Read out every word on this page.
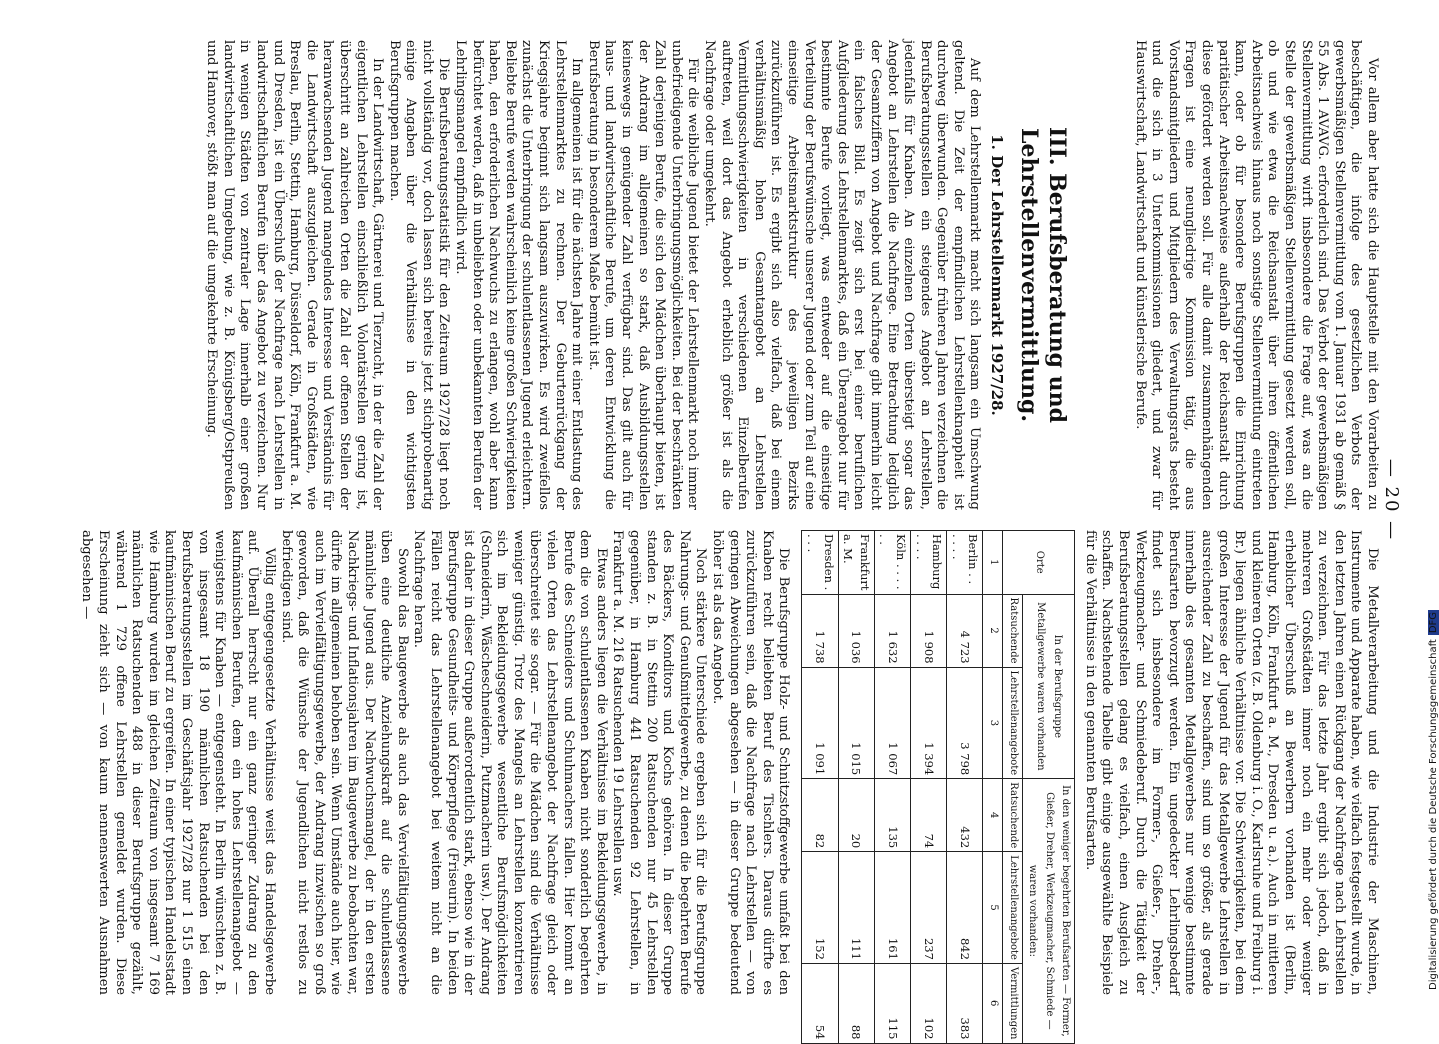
— 20 —

Vor allem aber hatte sich die Hauptstelle mit den Vorarbeiten zu beschäftigen, die infolge des gesetzlichen Verbots der gewerbsmäßigen Stellenvermittlung vom 1. Januar 1931 ab gemäß § 55 Abs. 1 AVAVG. erforderlich sind. Das Verbot der gewerbsmäßigen Stellenvermittlung wirft insbesondere die Frage auf, was an die Stelle der gewerbsmäßigen Stellenvermittlung gesetzt werden soll, ob und wie etwa die Reichsanstalt über ihren öffentlichen Arbeitsnachweis hinaus noch sonstige Stellenvermittlung eintreten kann, oder ob für besondere Berufsgruppen die Einrichtung paritätischer Arbeitsnachweise außerhalb der Reichsanstalt durch diese gefördert werden soll. Für alle damit zusammenhängenden Fragen ist eine neungliedrige Kommission tätig, die aus Vorstandsmitgliedern und Mitgliedern des Verwaltungsrats besteht und die sich in 3 Unterkommissionen gliedert, und zwar für Hauswirtschaft, Landwirtschaft und künstlerische Berufe.

III. Berufsberatung und Lehrstellenvermittlung.
1. Der Lehrstellenmarkt 1927/28.

Auf dem Lehrstellenmarkt macht sich langsam ein Umschwung geltend. Die Zeit der empfindlichen Lehrstellenknappheit ist durchweg überwunden. Gegenüber früheren Jahren verzeichnen die Berufsberatungsstellen ein steigendes Angebot an Lehrstellen, jedenfalls für Knaben. An einzelnen Orten übersteigt sogar das Angebot an Lehrstellen die Nachfrage. Eine Betrachtung lediglich der Gesamtziffern von Angebot und Nachfrage gibt immerhin leicht ein falsches Bild. Es zeigt sich erst bei einer beruflichen Aufgliederung des Lehrstellenmarktes, daß ein Überangebot nur für bestimmte Berufe vorliegt, was entweder auf die einseitige Verteilung der Berufswünsche unserer Jugend oder zum Teil auf eine einseitige Arbeitsmarktstruktur des jeweiligen Bezirks zurückzuführen ist. Es ergibt sich also vielfach, daß bei einem verhältnismäßig hohen Gesamtangebot an Lehrstellen Vermittlungsschwierigkeiten in verschiedenen Einzelberufen auftreten, weil dort das Angebot erheblich größer ist als die Nachfrage oder umgekehrt.

Für die weibliche Jugend bietet der Lehrstellenmarkt noch immer unbefriedigende Unterbringungsmöglichkeiten. Bei der beschränkten Zahl derjenigen Berufe, die sich den Mädchen überhaupt bieten, ist der Andrang im allgemeinen so stark, daß Ausbildungsstellen keineswegs in genügender Zahl verfügbar sind. Das gilt auch für haus- und landwirtschaftliche Berufe, um deren Entwicklung die Berufsberatung in besonderem Maße bemüht ist.

Im allgemeinen ist für die nächsten Jahre mit einer Entlastung des Lehrstellenmarktes zu rechnen. Der Geburtenrückgang der Kriegsjahre beginnt sich langsam auszuwirken. Es wird zweifellos zunächst die Unterbringung der schulentlassenen Jugend erleichtern. Beliebte Berufe werden wahrscheinlich keine großen Schwierigkeiten haben, den erforderlichen Nachwuchs zu erlangen, wohl aber kann befürchtet werden, daß in unbeliebten oder unbekannten Berufen der Lehrlingsmangel empfindlich wird.

Die Berufsberatungsstatistik für den Zeitraum 1927/28 liegt noch nicht vollständig vor, doch lassen sich bereits jetzt stichprobenartig einige Angaben über die Verhältnisse in den wichtigsten Berufsgruppen machen.

In der Landwirtschaft, Gärtnerei und Tierzucht, in der die Zahl der eigentlichen Lehrstellen einschließlich Volontärstellen gering ist, überschritt an zahlreichen Orten die Zahl der offenen Stellen der heranwachsenden Jugend mangelndes Interesse und Verständnis für die Landwirtschaft auszugleichen. Gerade in Großstädten, wie Breslau, Berlin, Stettin, Hamburg, Düsseldorf, Köln, Frankfurt a. M. und Dresden, ist ein Überschuß der Nachfrage nach Lehrstellen in landwirtschaftlichen Berufen über das Angebot zu verzeichnen. Nur in wenigen Städten von zentraler Lage innerhalb einer großen landwirtschaftlichen Umgebung, wie z. B. Königsberg/Ostpreußen und Hannover, stößt man auf die umgekehrte Erscheinung.

Die Metallverarbeitung und die Industrie der Maschinen, Instrumente und Apparate haben, wie vielfach festgestellt wurde, in den letzten Jahren einen Rückgang der Nachfrage nach Lehrstellen zu verzeichnen. Für das letzte Jahr ergibt sich jedoch, daß in mehreren Großstädten immer noch ein mehr oder weniger erheblicher Überschuß an Bewerbern vorhanden ist (Berlin, Hamburg, Köln, Frankfurt a. M., Dresden u. a.). Auch in mittleren und kleineren Orten (z. B. Oldenburg i. O., Karlsruhe und Freiburg i. Br.) liegen ähnliche Verhältnisse vor. Die Schwierigkeiten, bei dem großen Interesse der Jugend für das Metallgewerbe Lehrstellen in ausreichender Zahl zu beschaffen, sind um so größer, als gerade innerhalb des gesamten Metallgewerbes nur wenige bestimmte Berufsarten bevorzugt werden. Ein ungedeckter Lehrlingsbedarf findet sich insbesondere im Former-, Gießer-, Dreher-, Werkzeugmacher- und Schmiedeberuf. Durch die Tätigkeit der Berufsberatungsstellen gelang es vielfach, einen Ausgleich zu schaffen. Nachstehende Tabelle gibt einige ausgewählte Beispiele für die Verhältnisse in den genannten Berufsarten.

Orte	In der Berufsgruppe Metallgewerbe waren vorhanden		In den weniger begehrten Berufsarten — Former, Gießer, Dreher, Werkzeugmacher, Schmiede — waren vorhanden:		
	Ratsuchende	Lehrstellenangebote	Ratsuchende	Lehrstellenangebote	Vermittlungen
1	2	3	4	5	6
Berlin . . . . . .	4 723	3 798	432	842	383
Hamburg . . . .	1 908	1 394	74	237	102
Köln . . . . . .	1 632	1 067	135	161	115
Frankfurt a. M.	1 036	1 015	20	111	88
Dresden . . . .	1 738	1 091	82	152	54

Die Berufsgruppe Holz- und Schnitzstoffgewerbe umfaßt bei den Knaben recht beliebten Beruf des Tischlers. Daraus dürfte es zurückzuführen sein, daß die Nachfrage nach Lehrstellen — von geringen Abweichungen abgesehen — in dieser Gruppe bedeutend höher ist als das Angebot.

Noch stärkere Unterschiede ergeben sich für die Berufsgruppe Nahrungs- und Genußmittelgewerbe, zu denen die begehrten Berufe des Bäckers, Konditors und Kochs gehören. In dieser Gruppe standen z. B. in Stettin 200 Ratsuchenden nur 45 Lehrstellen gegenüber, in Hamburg 441 Ratsuchenden 92 Lehrstellen, in Frankfurt a. M. 216 Ratsuchenden 19 Lehrstellen usw.

Etwas anders liegen die Verhältnisse im Bekleidungsgewerbe, in dem die von schulentlassenen Knaben nicht sonderlich begehrten Berufe des Schneiders und Schuhmachers fallen. Hier kommt an vielen Orten das Lehrstellenangebot der Nachfrage gleich oder überschreitet sie sogar. — Für die Mädchen sind die Verhältnisse weniger günstig. Trotz des Mangels an Lehrstellen konzentrieren sich im Bekleidungsgewerbe wesentliche Berufsmöglichkeiten (Schneiderin, Wäscheschneiderin, Putzmacherin usw.). Der Andrang ist daher in dieser Gruppe außerordentlich stark, ebenso wie in der Berufsgruppe Gesundheits- und Körperpflege (Friseurin). In beiden Fällen reicht das Lehrstellenangebot bei weitem nicht an die Nachfrage heran.

Sowohl das Baugewerbe als auch das Vervielfältigungsgewerbe üben eine deutliche Anziehungskraft auf die schulentlassene männliche Jugend aus. Der Nachwuchsmangel, der in den ersten Nachkriegs- und Inflationsjahren im Baugewerbe zu beobachten war, dürfte im allgemeinen behoben sein. Wenn Umstände auch hier, wie auch im Vervielfältigungsgewerbe, der Andrang inzwischen so groß geworden, daß die Wünsche der Jugendlichen nicht restlos zu befriedigen sind.

Völlig entgegengesetzte Verhältnisse weist das Handelsgewerbe auf. Überall herrscht nur ein ganz geringer Zudrang zu den kaufmännischen Berufen, dem ein hohes Lehrstellenangebot — wenigstens für Knaben — entgegensteht. In Berlin wünschten z. B. von insgesamt 18 190 männlichen Ratsuchenden bei den Berufsberatungsstellen im Geschäftsjahr 1927/28 nur 1 515 einen kaufmännischen Beruf zu ergreifen. In einer typischen Handelsstadt wie Hamburg wurden im gleichen Zeitraum von insgesamt 7 169 männlichen Ratsuchenden 488 in dieser Berufsgruppe gezählt, während 1 729 offene Lehrstellen gemeldet wurden. Diese Erscheinung zieht sich — von kaum nennenswerten Ausnahmen abgesehen —

Digitalisierung gefördert durch die Deutsche ForschungsgemeinschaftDFG
